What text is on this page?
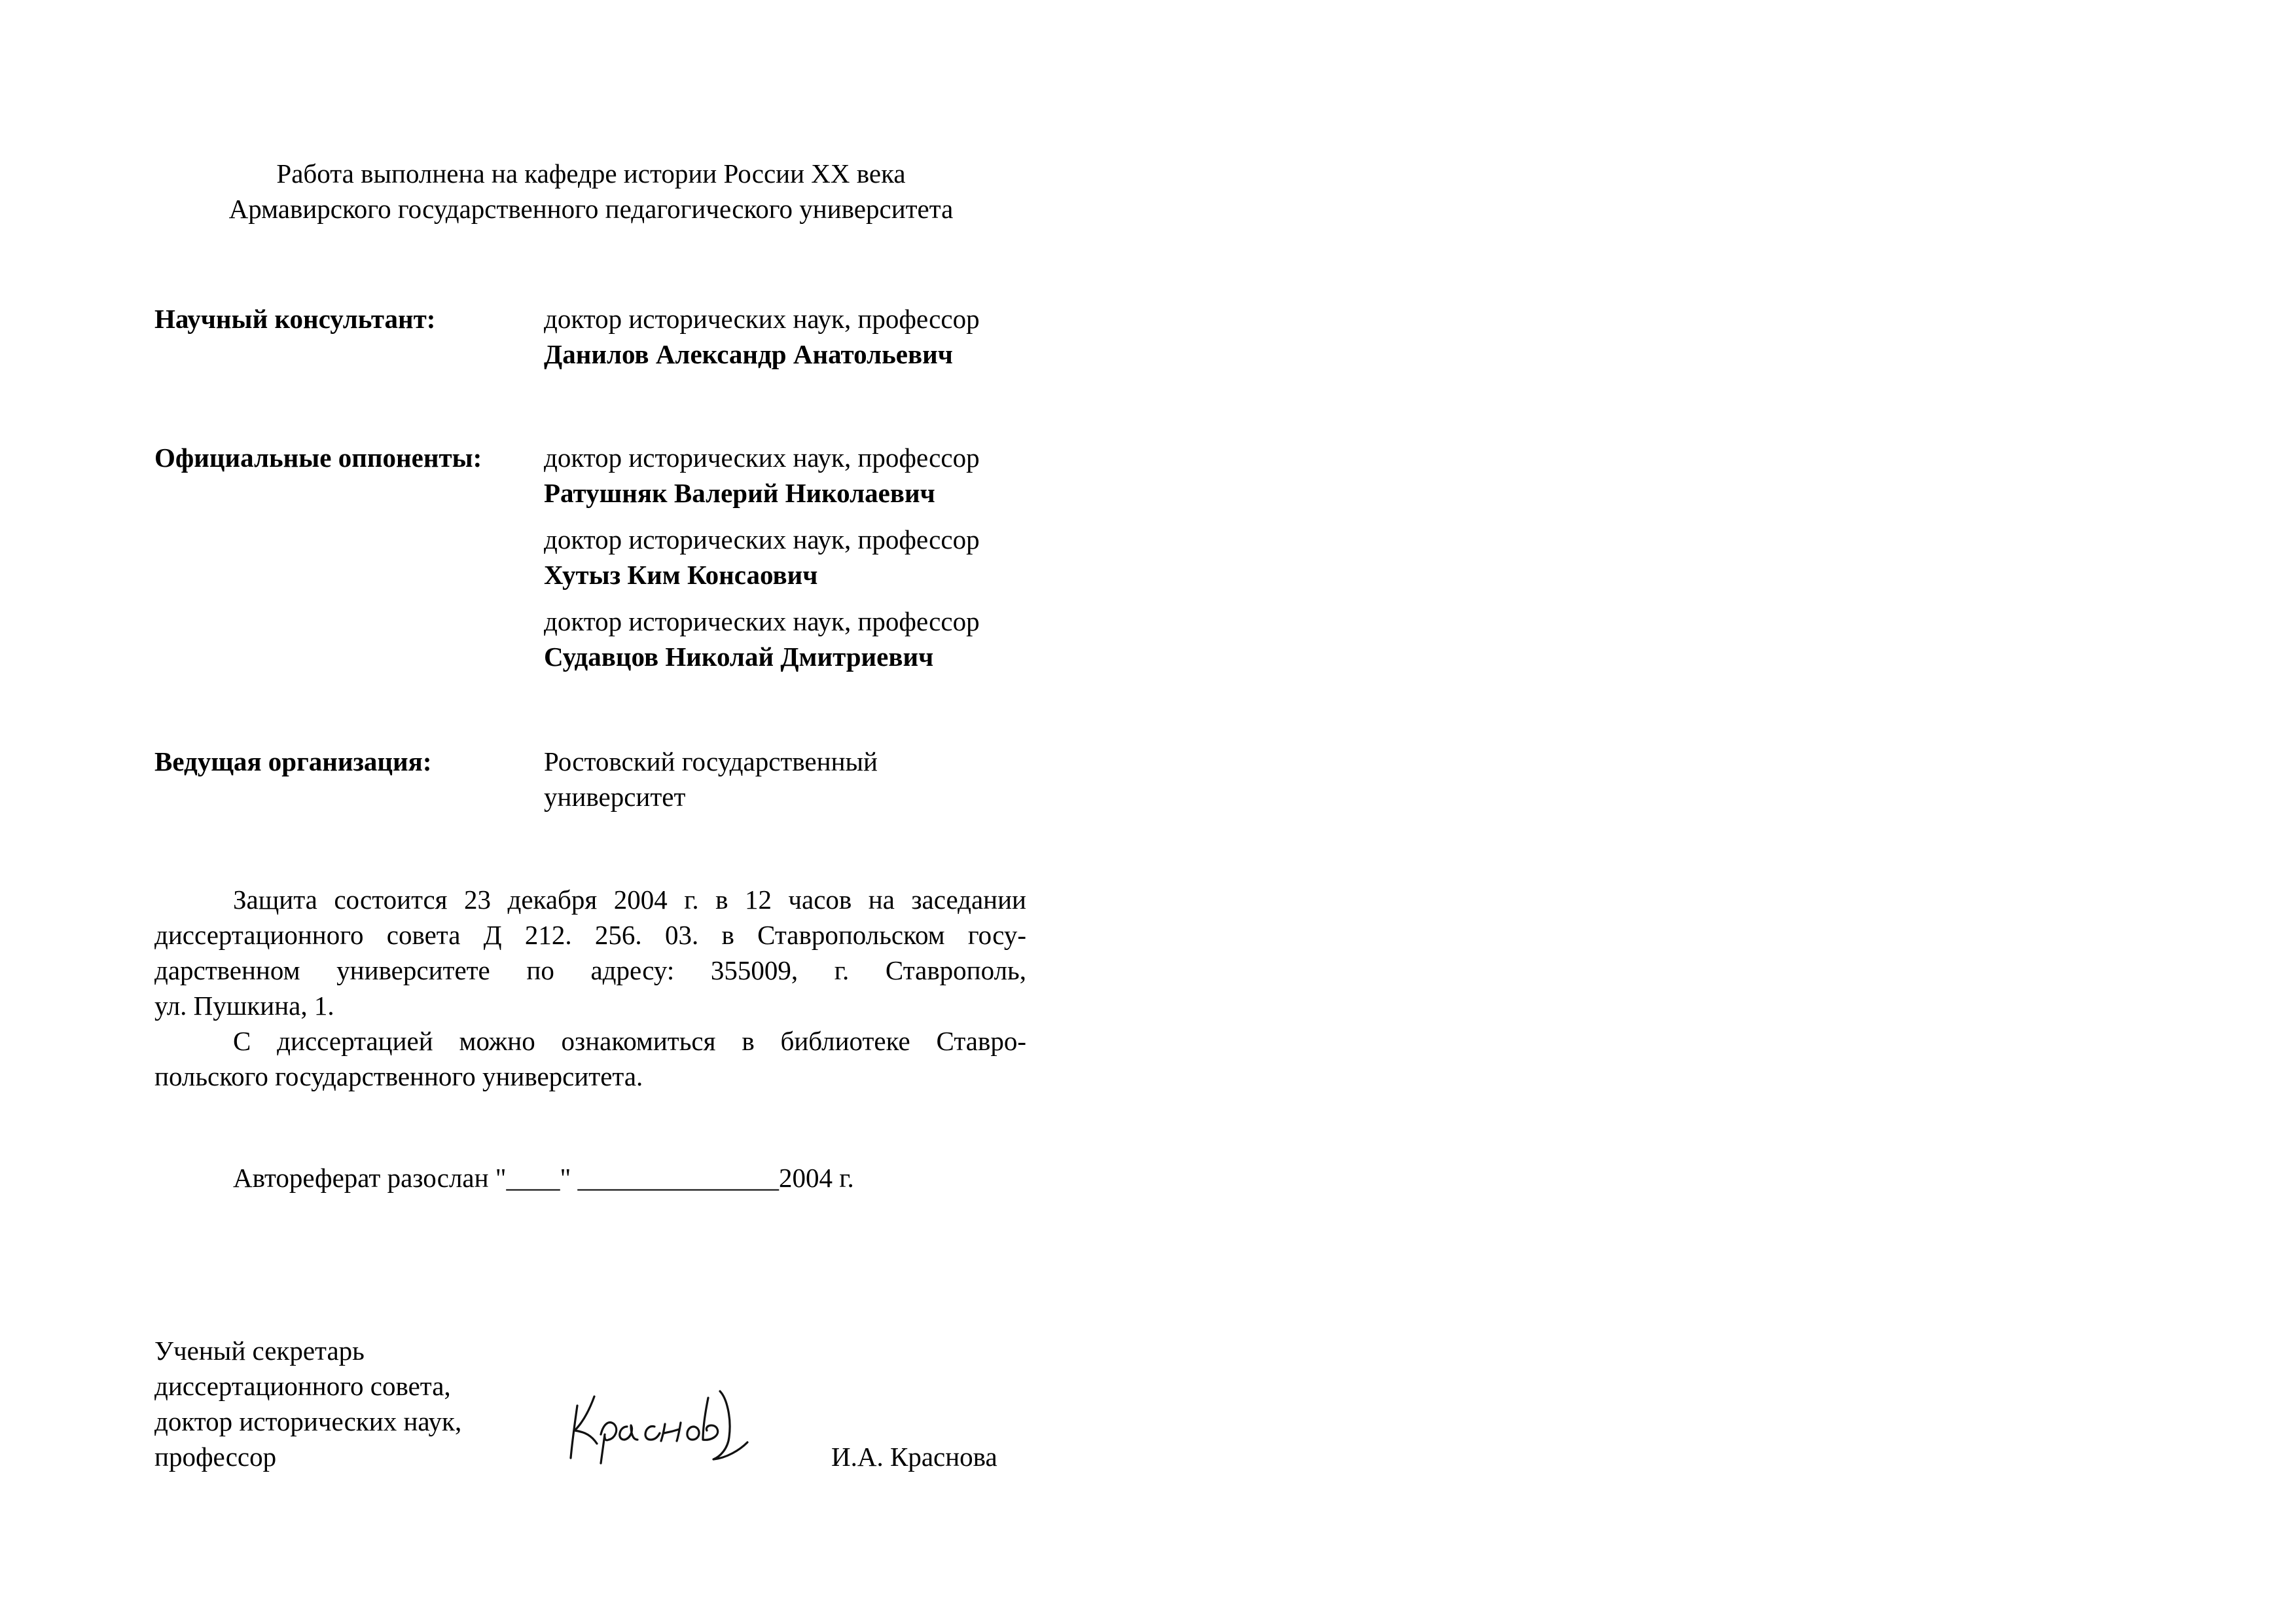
Работа выполнена на кафедре истории России XX века
Армавирского государственного педагогического университета
Научный консультант:	доктор исторических наук, профессор
Данилов Александр Анатольевич
Официальные оппоненты: доктор исторических наук, профессор
Ратушняк Валерий Николаевич
доктор исторических наук, профессор
Хутыз Ким Консаович
доктор исторических наук, профессор
Судавцов Николай Дмитриевич
Ведущая организация:	Ростовский государственный
университет
Защита состоится 23 декабря 2004 г. в 12 часов на заседании
диссертационного совета Д 212. 256. 03. в Ставропольском госу-
дарственном университете по адресу: 355009, г. Ставрополь,
ул. Пушкина, 1.
С диссертацией можно ознакомиться в библиотеке Ставро-
польского государственного университета.
Автореферат разослан "____" _______________2004 г.
Ученый секретарь
диссертационного совета,
доктор исторических наук,
профессор	И.А. Краснова
